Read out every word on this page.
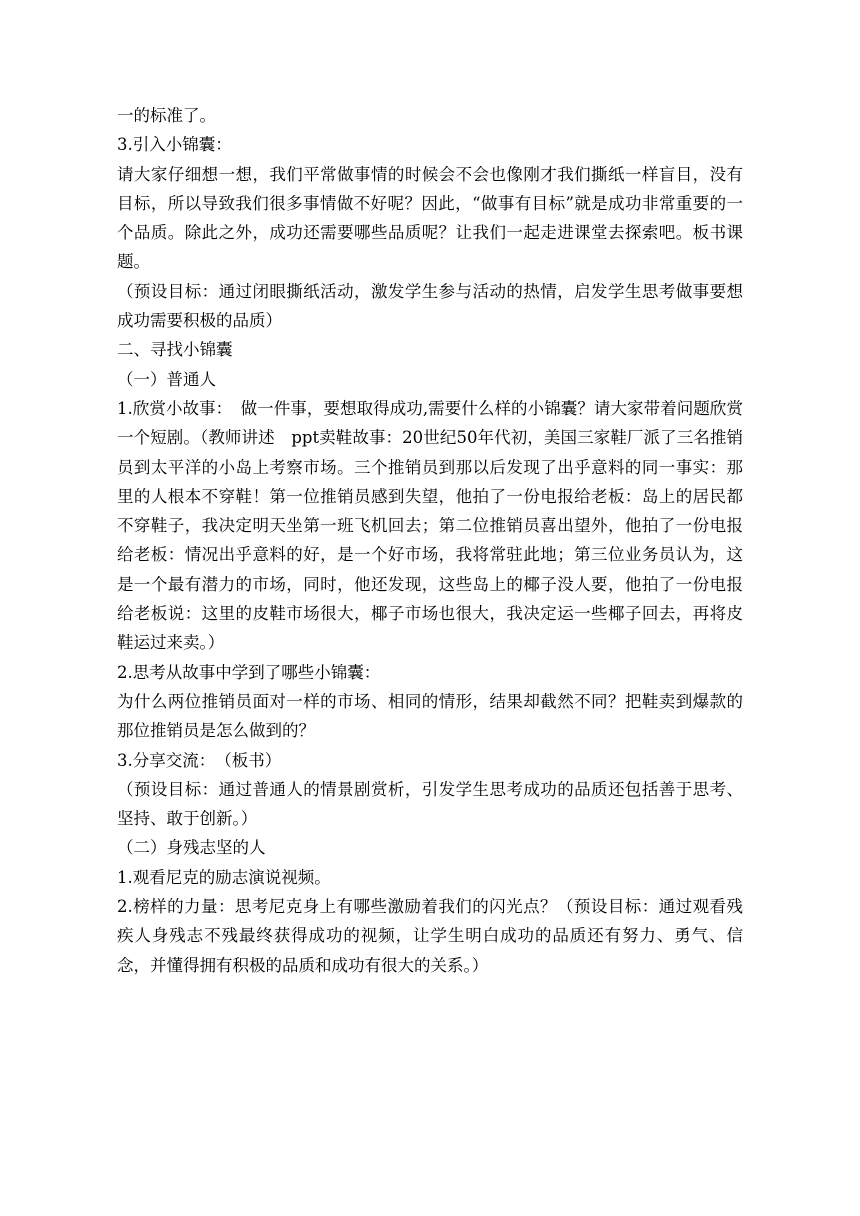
一的标准了。

3.引入小锦囊：

请大家仔细想一想，我们平常做事情的时候会不会也像刚才我们撕纸一样盲目，没有目标，所以导致我们很多事情做不好呢？因此，“做事有目标”就是成功非常重要的一个品质。除此之外，成功还需要哪些品质呢？让我们一起走进课堂去探索吧。板书课题。

（预设目标：通过闭眼撕纸活动，激发学生参与活动的热情，启发学生思考做事要想成功需要积极的品质）

二、寻找小锦囊

（一）普通人

1.欣赏小故事：　做一件事，要想取得成功,需要什么样的小锦囊？请大家带着问题欣赏一个短剧。（教师讲述　ppt卖鞋故事：20世纪50年代初，美国三家鞋厂派了三名推销员到太平洋的小岛上考察市场。三个推销员到那以后发现了出乎意料的同一事实：那里的人根本不穿鞋！第一位推销员感到失望，他拍了一份电报给老板：岛上的居民都不穿鞋子，我决定明天坐第一班飞机回去；第二位推销员喜出望外，他拍了一份电报给老板：情况出乎意料的好，是一个好市场，我将常驻此地；第三位业务员认为，这是一个最有潜力的市场，同时，他还发现，这些岛上的椰子没人要，他拍了一份电报给老板说：这里的皮鞋市场很大，椰子市场也很大，我决定运一些椰子回去，再将皮鞋运过来卖。）

2.思考从故事中学到了哪些小锦囊：

为什么两位推销员面对一样的市场、相同的情形，结果却截然不同？把鞋卖到爆款的那位推销员是怎么做到的？

3.分享交流：　（板书）

（预设目标：通过普通人的情景剧赏析，引发学生思考成功的品质还包括善于思考、坚持、敢于创新。）

（二）身残志坚的人

1.观看尼克的励志演说视频。

2.榜样的力量：思考尼克身上有哪些激励着我们的闪光点？（预设目标：通过观看残疾人身残志不残最终获得成功的视频，让学生明白成功的品质还有努力、勇气、信念，并懂得拥有积极的品质和成功有很大的关系。）
